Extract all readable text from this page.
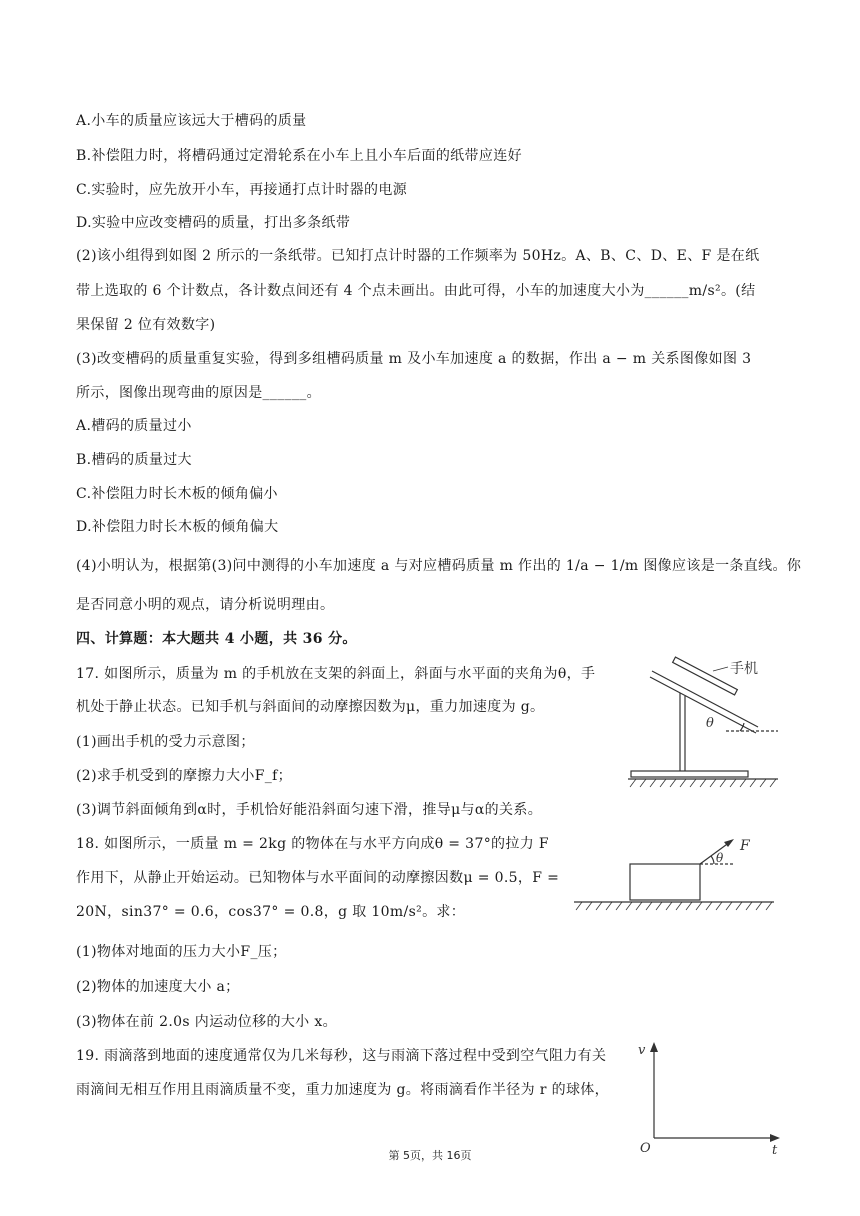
A.小车的质量应该远大于槽码的质量
B.补偿阻力时，将槽码通过定滑轮系在小车上且小车后面的纸带应连好
C.实验时，应先放开小车，再接通打点计时器的电源
D.实验中应改变槽码的质量，打出多条纸带
(2)该小组得到如图 2 所示的一条纸带。已知打点计时器的工作频率为 50Hz。A、B、C、D、E、F 是在纸
带上选取的 6 个计数点，各计数点间还有 4 个点未画出。由此可得，小车的加速度大小为______m/s²。(结
果保留 2 位有效数字)
(3)改变槽码的质量重复实验，得到多组槽码质量 m 及小车加速度 a 的数据，作出 a − m 关系图像如图 3
所示，图像出现弯曲的原因是______。
A.槽码的质量过小
B.槽码的质量过大
C.补偿阻力时长木板的倾角偏小
D.补偿阻力时长木板的倾角偏大
(4)小明认为，根据第(3)问中测得的小车加速度 a 与对应槽码质量 m 作出的 1/a − 1/m 图像应该是一条直线。你
是否同意小明的观点，请分析说明理由。
四、计算题：本大题共 4 小题，共 36 分。
17. 如图所示，质量为 m 的手机放在支架的斜面上，斜面与水平面的夹角为θ，手
机处于静止状态。已知手机与斜面间的动摩擦因数为μ，重力加速度为 g。
(1)画出手机的受力示意图；
(2)求手机受到的摩擦力大小F_f；
(3)调节斜面倾角到α时，手机恰好能沿斜面匀速下滑，推导μ与α的关系。
18. 如图所示，一质量 m = 2kg 的物体在与水平方向成θ = 37°的拉力 F
作用下，从静止开始运动。已知物体与水平面间的动摩擦因数μ = 0.5，F =
20N，sin37° = 0.6，cos37° = 0.8，g 取 10m/s²。求：
(1)物体对地面的压力大小F_压；
(2)物体的加速度大小 a；
(3)物体在前 2.0s 内运动位移的大小 x。
19. 雨滴落到地面的速度通常仅为几米每秒，这与雨滴下落过程中受到空气阻力有关
雨滴间无相互作用且雨滴质量不变，重力加速度为 g。将雨滴看作半径为 r 的球体，
手机
θ
F
θ
v
t
O
第 5页，共 16页
